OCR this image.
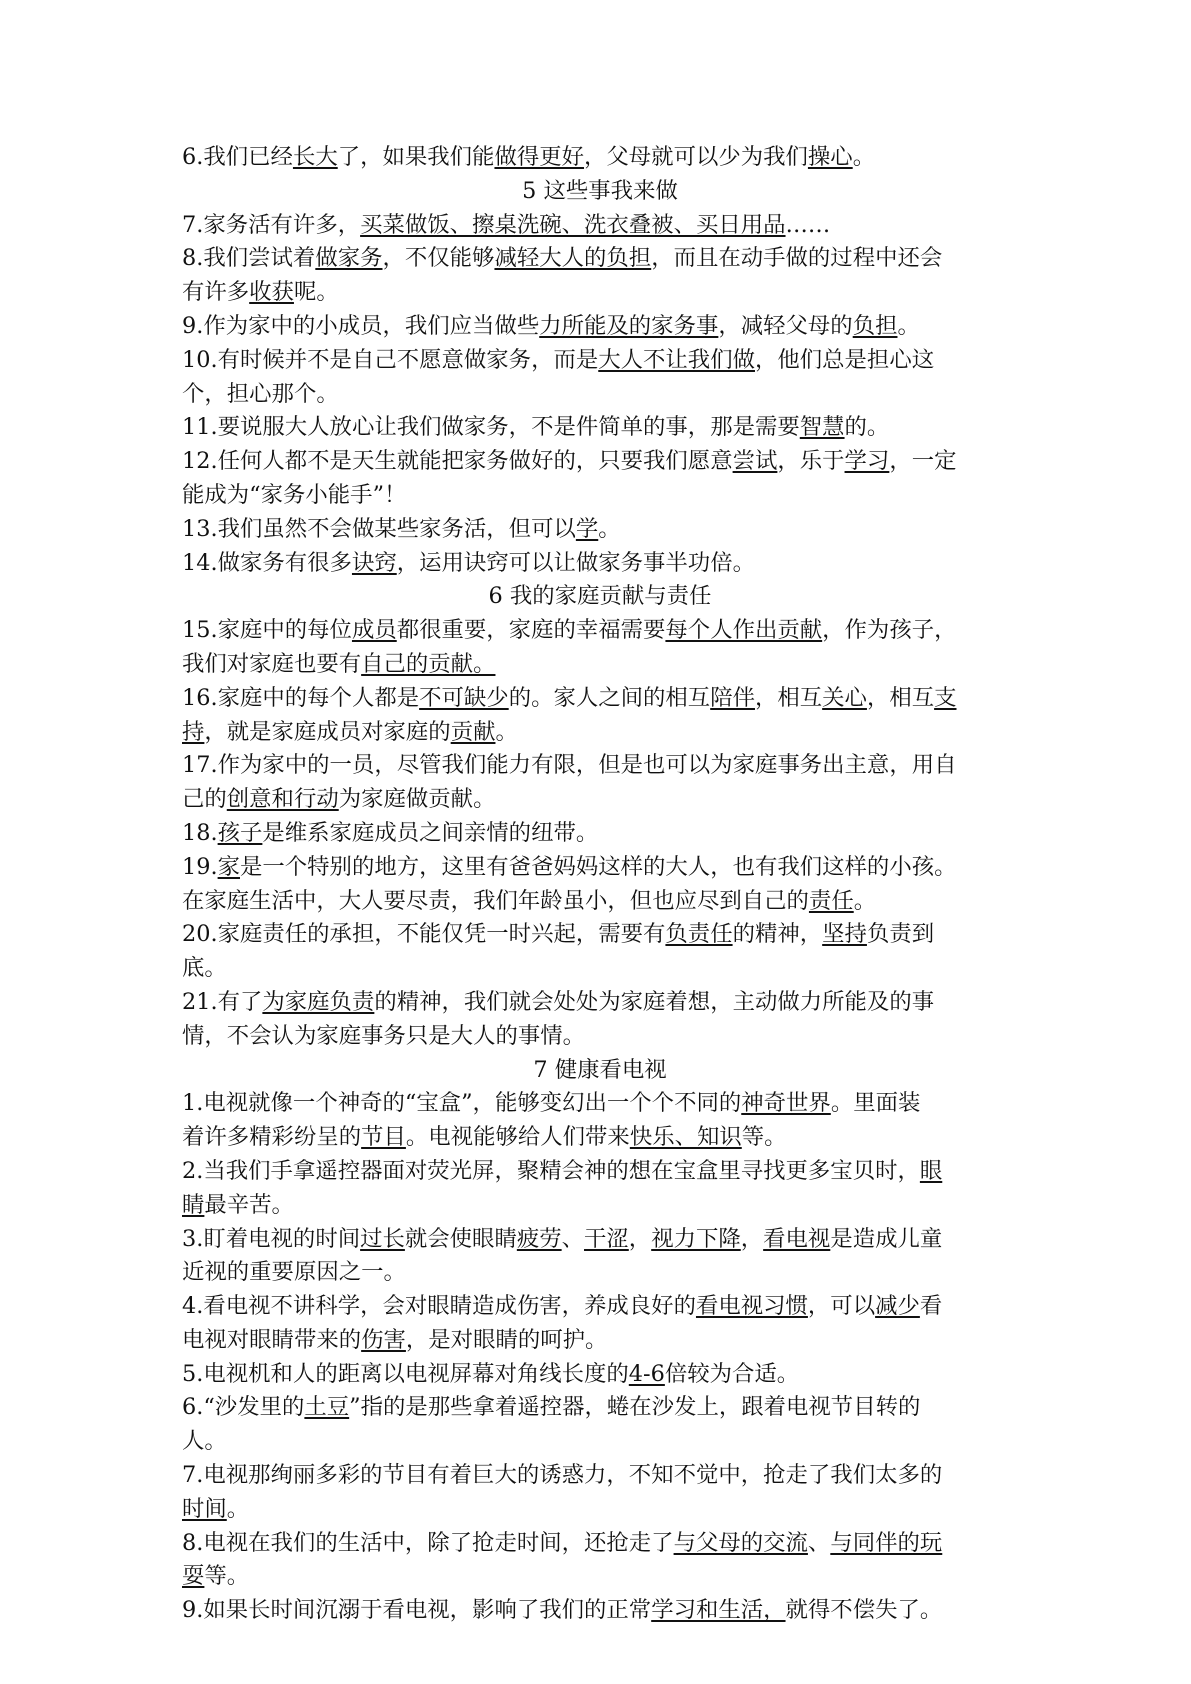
6.我们已经长大了，如果我们能做得更好，父母就可以少为我们操心。
5 这些事我来做
7.家务活有许多，买菜做饭、擦桌洗碗、洗衣叠被、买日用品……
8.我们尝试着做家务，不仅能够减轻大人的负担，而且在动手做的过程中还会
有许多收获呢。
9.作为家中的小成员，我们应当做些力所能及的家务事，减轻父母的负担。
10.有时候并不是自己不愿意做家务，而是大人不让我们做，他们总是担心这
个，担心那个。
11.要说服大人放心让我们做家务，不是件简单的事，那是需要智慧的。
12.任何人都不是天生就能把家务做好的，只要我们愿意尝试，乐于学习，一定
能成为“家务小能手”！
13.我们虽然不会做某些家务活，但可以学。
14.做家务有很多诀窍，运用诀窍可以让做家务事半功倍。
6 我的家庭贡献与责任
15.家庭中的每位成员都很重要，家庭的幸福需要每个人作出贡献，作为孩子，
我们对家庭也要有自己的贡献。
16.家庭中的每个人都是不可缺少的。家人之间的相互陪伴，相互关心，相互支
持，就是家庭成员对家庭的贡献。
17.作为家中的一员，尽管我们能力有限，但是也可以为家庭事务出主意，用自
己的创意和行动为家庭做贡献。
18.孩子是维系家庭成员之间亲情的纽带。
19.家是一个特别的地方，这里有爸爸妈妈这样的大人，也有我们这样的小孩。
在家庭生活中，大人要尽责，我们年龄虽小，但也应尽到自己的责任。
20.家庭责任的承担，不能仅凭一时兴起，需要有负责任的精神，坚持负责到
底。
21.有了为家庭负责的精神，我们就会处处为家庭着想，主动做力所能及的事
情，不会认为家庭事务只是大人的事情。
7 健康看电视
1.电视就像一个神奇的“宝盒”，能够变幻出一个个不同的神奇世界。里面装
着许多精彩纷呈的节目。电视能够给人们带来快乐、知识等。
2.当我们手拿遥控器面对荧光屏，聚精会神的想在宝盒里寻找更多宝贝时，眼
睛最辛苦。
3.盯着电视的时间过长就会使眼睛疲劳、干涩，视力下降，看电视是造成儿童
近视的重要原因之一。
4.看电视不讲科学，会对眼睛造成伤害，养成良好的看电视习惯，可以减少看
电视对眼睛带来的伤害，是对眼睛的呵护。
5.电视机和人的距离以电视屏幕对角线长度的4-6倍较为合适。
6.“沙发里的土豆”指的是那些拿着遥控器，蜷在沙发上，跟着电视节目转的
人。
7.电视那绚丽多彩的节目有着巨大的诱惑力，不知不觉中，抢走了我们太多的
时间。
8.电视在我们的生活中，除了抢走时间，还抢走了与父母的交流、与同伴的玩
耍等。
9.如果长时间沉溺于看电视，影响了我们的正常学习和生活，就得不偿失了。
